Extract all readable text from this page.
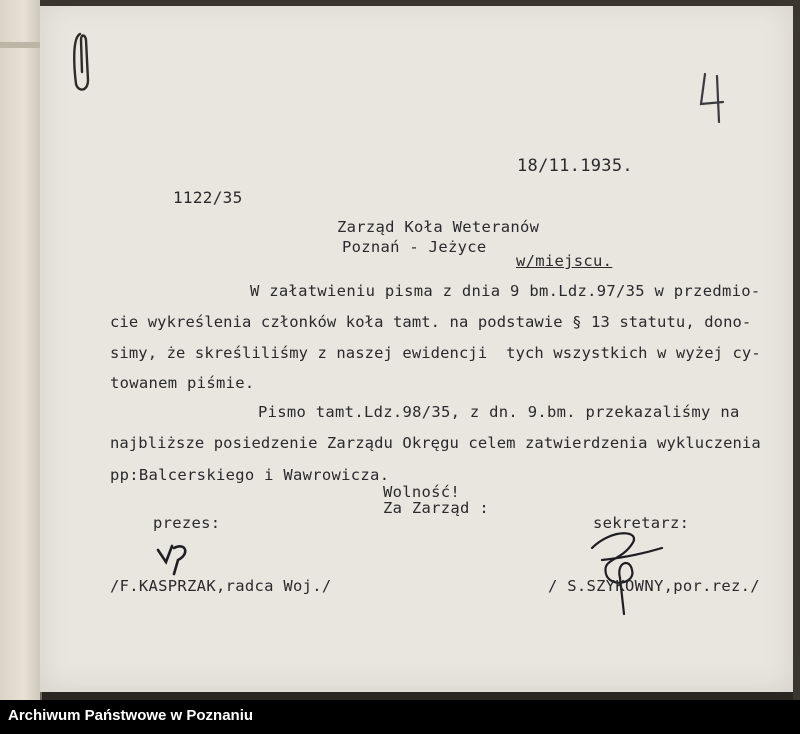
18/11.1935.
1122/35
Zarząd Koła Weteranów
Poznań - Jeżyce
w/miejscu.
W załatwieniu pisma z dnia 9 bm.Ldz.97/35 w przedmio-
cie wykreślenia członków koła tamt. na podstawie § 13 statutu, dono-
simy, że skreśliliśmy z naszej ewidencji  tych wszystkich w wyżej cy-
towanem piśmie.
Pismo tamt.Ldz.98/35, z dn. 9.bm. przekazaliśmy na
najbliższe posiedzenie Zarządu Okręgu celem zatwierdzenia wykluczenia
pp:Balcerskiego i Wawrowicza.
Wolność!
Za Zarząd :
prezes:	sekretarz:
/F.KASPRZAK,radca Woj./	/ S.SZYKOWNY,por.rez./
Archiwum Państwowe w Poznaniu
